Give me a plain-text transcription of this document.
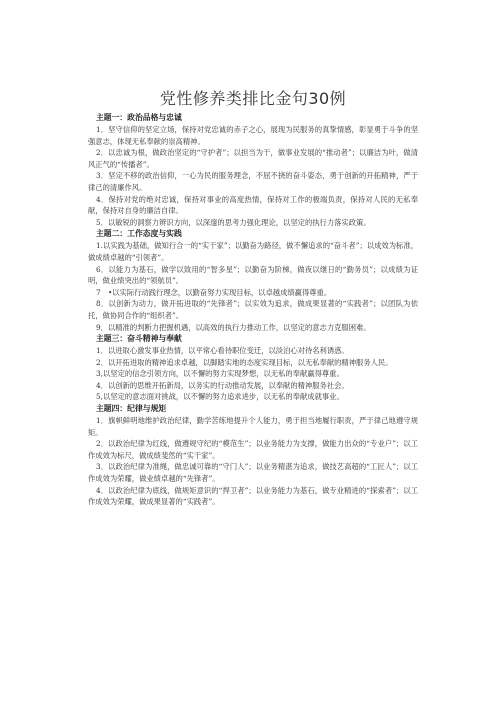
党性修养类排比金句30例

主题一：政治品格与忠诚

1．坚守信仰的坚定立场，保持对党忠诚的赤子之心，展现为民服务的真挚情感，彰显勇于斗争的坚强意志，体现无私奉献的崇高精神。

2．以忠诚为根，做政治坚定的“守护者”；以担当为干，做事业发展的“推动者”；以廉洁为叶，做清风正气的“传播者”。

3．坚定不移的政治信仰，一心为民的服务理念，不屈不挠的奋斗姿态，勇于创新的开拓精神，严于律己的清廉作风。

4．保持对党的绝对忠诚，保持对事业的高度热情，保持对工作的极端负责，保持对人民的无私奉献，保持对自身的廉洁自律。

5．以敏锐的洞察力辨识方向，以深邃的思考力强化理论，以坚定的执行力落实政策。

主题二：工作态度与实践

1.以实践为基础，做知行合一的“实干家”；以勤奋为路径，做不懈追求的“奋斗者”；以成效为标准，做成绩卓越的“引领者”。

6．以能力为基石，做学以致用的“智多星”；以勤奋为阶梯，做夜以继日的“勤务员”；以成绩为证明，做业绩突出的“领航员”。

7　•以实际行动践行理念，以勤奋努力实现目标，以卓越成绩赢得尊重。

8．以创新为动力，做开拓进取的“先锋者”；以实效为追求，做成果显著的“实践者”；以团队为依托，做协同合作的“组织者”。

9．以精准的判断力把握机遇，以高效的执行力推动工作，以坚定的意志力克服困难。

主题三：奋斗精神与奉献

1．以进取心激发事业热情，以平常心看待职位变迁，以淡泊心对待名利诱惑。

2．以开拓进取的精神追求卓越，以脚踏实地的态度实现目标，以无私奉献的精神服务人民。

3,以坚定的信念引领方向，以不懈的努力实现梦想，以无私的奉献赢得尊重。

4．以创新的思维开拓新局，以务实的行动推动发展，以奉献的精神服务社会。

5,以坚定的意志面对挑战，以不懈的努力追求进步，以无私的奉献成就事业。

主题四：纪律与规矩

1．旗帜鲜明地维护政治纪律，勤学苦练地提升个人能力，勇于担当地履行职责，严于律己地遵守规矩。

2．以政治纪律为红线，做遵规守纪的“模范生”；以业务能力为支撑，做能力出众的“专业户”；以工作成效为标尺，做成绩斐然的“实干家”。

3．以政治纪律为准绳，做忠诚可靠的“守门人”；以业务精湛为追求，做技艺高超的“工匠人”；以工作成效为荣耀，做业绩卓越的“先锋者”。

4．以政治纪律为底线，做规矩意识的“捍卫者”；以业务能力为基石，做专业精进的“探索者”；以工作成效为荣耀，做成果显著的“实践者”。
